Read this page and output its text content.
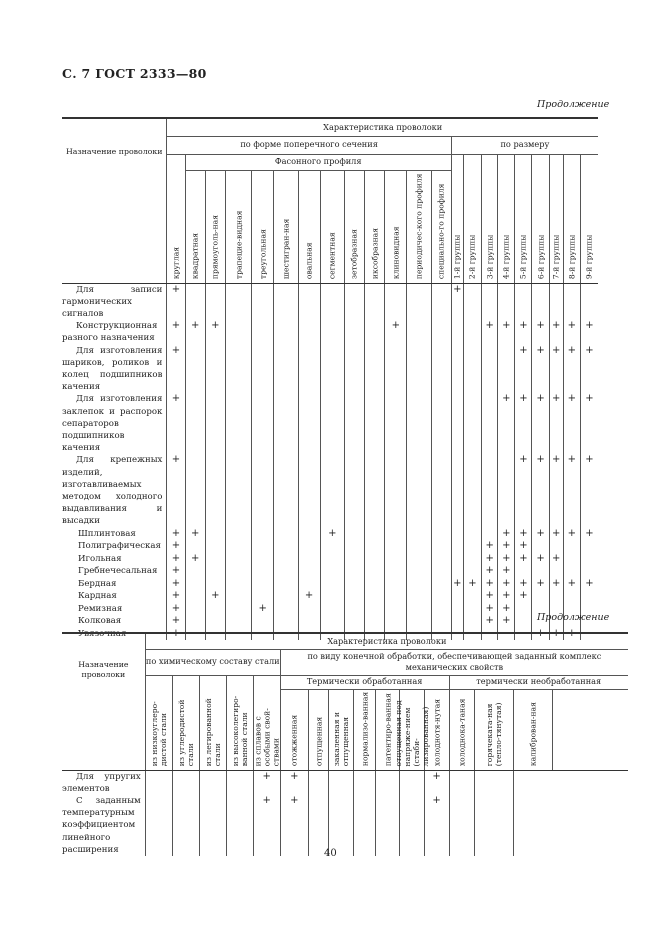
С. 7 ГОСТ 2333—80
Продолжение
Назначение проволоки	Характеристика проволоки																					
	по форме поперечного сечения													по размеру								

	круглая	Фасонного профиля												1-й группы	2-й группы	3-й группы	4-й группы	5-й группы	6-й группы	7-й группы	8-й группы	9-й группы

		квадратная	прямоуголь-ная	трапецие-видная	треугольная	шестигран-ная	овальная	сегментная	зетобразная	икcобразная	клиновидная	периодичес-кого профиля	специально-го профиля									

Для записи гармонических сигналов	+													+								
Конструкционная разного назначения	+	+	+								+					+	+	+	+	+	+	+
Для изготовления шариков, роликов и колец подшипников качения	+																	+	+	+	+	+
Для изготовления заклепок и распорок сепараторов подшипников качения	+																+	+	+	+	+	+
Для крепежных изделий, изготавливаемых методом холодного выдавливания и высадки	+																	+	+	+	+	+
Шплинтовая	+	+						+									+	+	+	+	+	+
Полиграфическая	+															+	+	+				
Игольная	+	+														+	+	+	+	+		
Гребнечесальная	+															+	+					
Бердная	+													+	+	+	+	+	+	+	+	+
Кардная	+		+				+									+	+	+				
Ремизная	+				+											+	+					
Колковая	+															+	+					
Увязочная	+																		+	+	+	
Продолжение
Назначение проволоки	Характеристика проволоки															
	по химическому составу стали					по виду конечной обработки, обеспечивающей заданный комплекс механических свойств										

	из низкоуглеро-дистой стали	из углеродистой стали	из легированной стали	из высоколегиро-ванной стали	из сплавов с особыми свой-ствами	Термически обработанная							термически необработанная			

						отожженная	отпущенная	закаленная и отпущенная	нормализо-ванная	патентиро-ванная	отпущенная под напряже-нием (стаби-лизированная)	холоднотя-нутая	холоднока-таная	горячеката-ная (тепло-тянутая)	калиброван-ная	

Для упругих элементов					+	+						+				
С заданным температурным коэффициентом линейного расширения					+	+						+				
40
